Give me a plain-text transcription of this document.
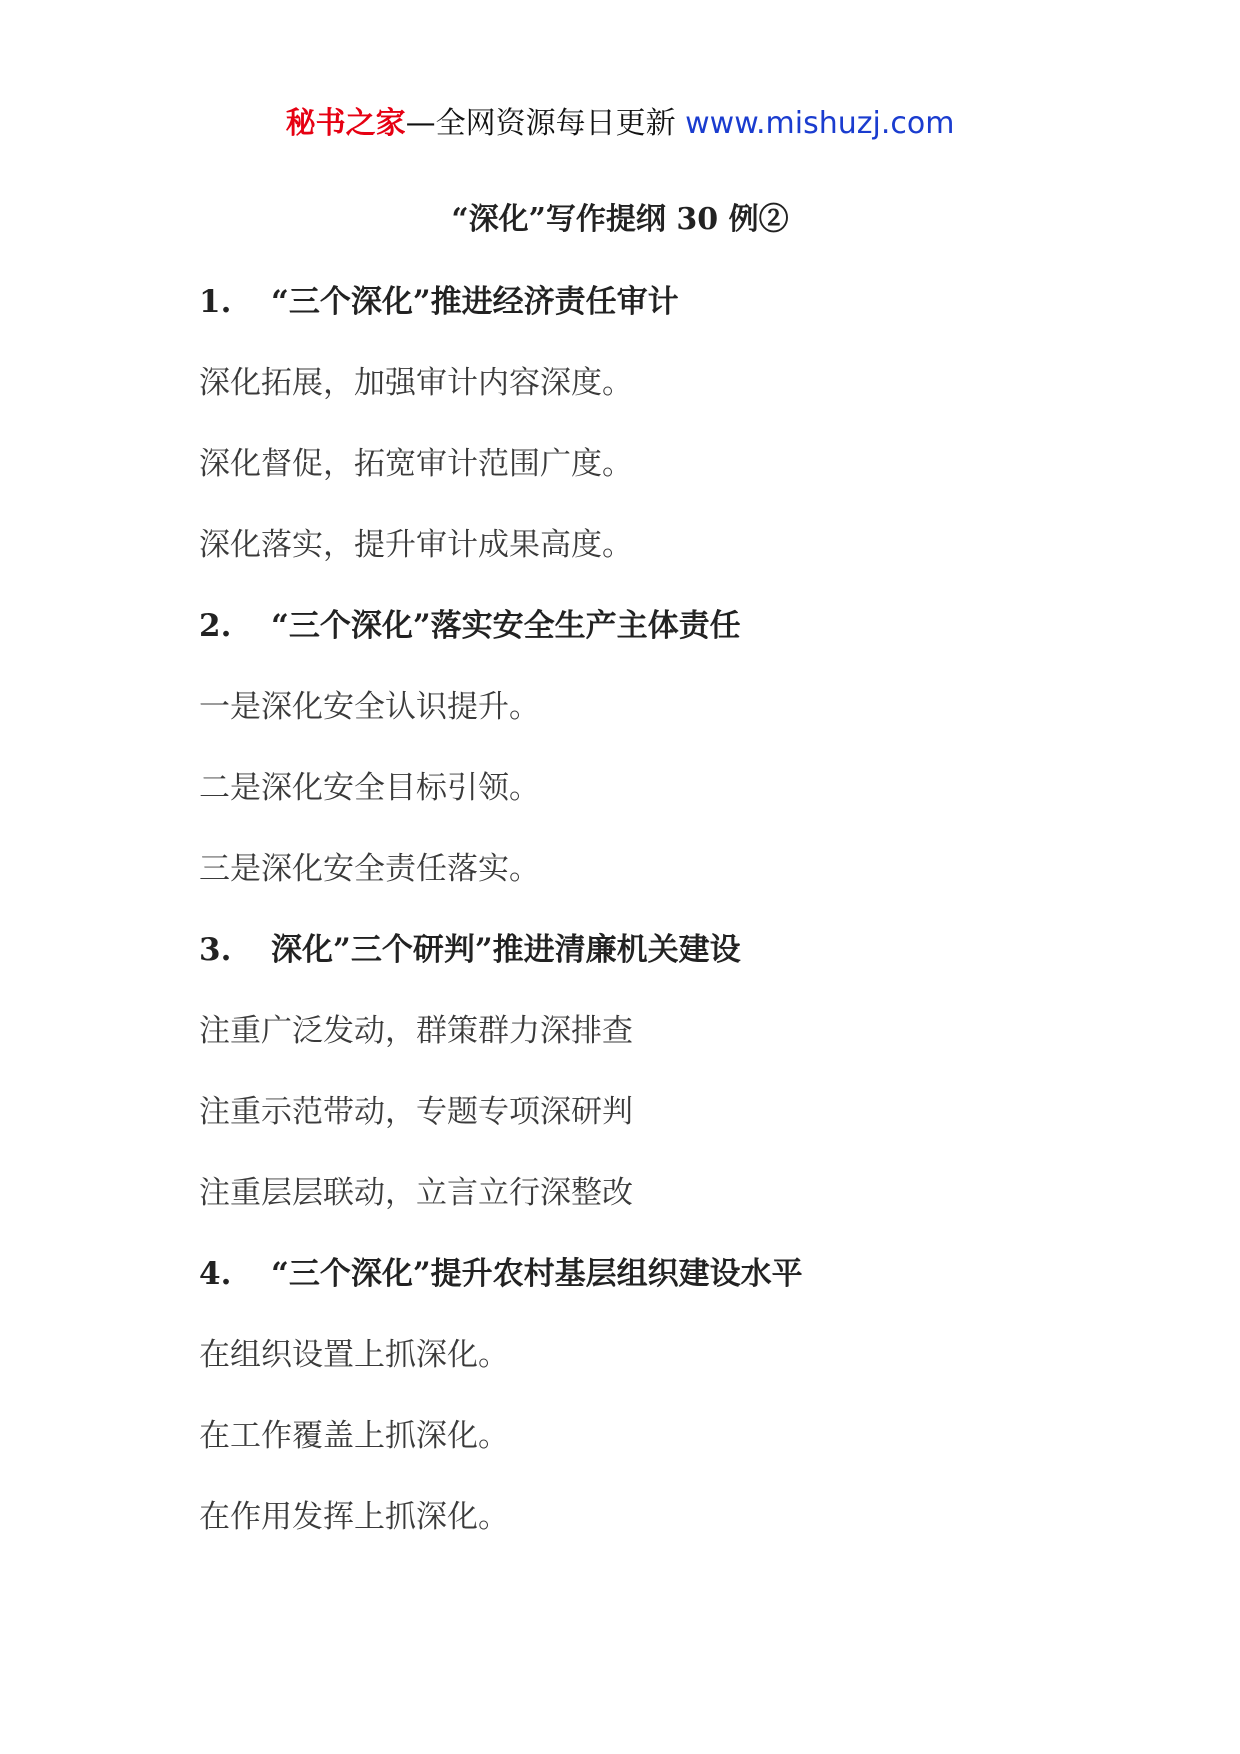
秘书之家—全网资源每日更新 www.mishuzj.com
“深化”写作提纲 30 例②

1. “三个深化”推进经济责任审计

深化拓展，加强审计内容深度。

深化督促，拓宽审计范围广度。

深化落实，提升审计成果高度。

2. “三个深化”落实安全生产主体责任

一是深化安全认识提升。

二是深化安全目标引领。

三是深化安全责任落实。

3. 深化”三个研判”推进清廉机关建设

注重广泛发动，群策群力深排查

注重示范带动，专题专项深研判

注重层层联动，立言立行深整改

4. “三个深化”提升农村基层组织建设水平

在组织设置上抓深化。

在工作覆盖上抓深化。

在作用发挥上抓深化。
